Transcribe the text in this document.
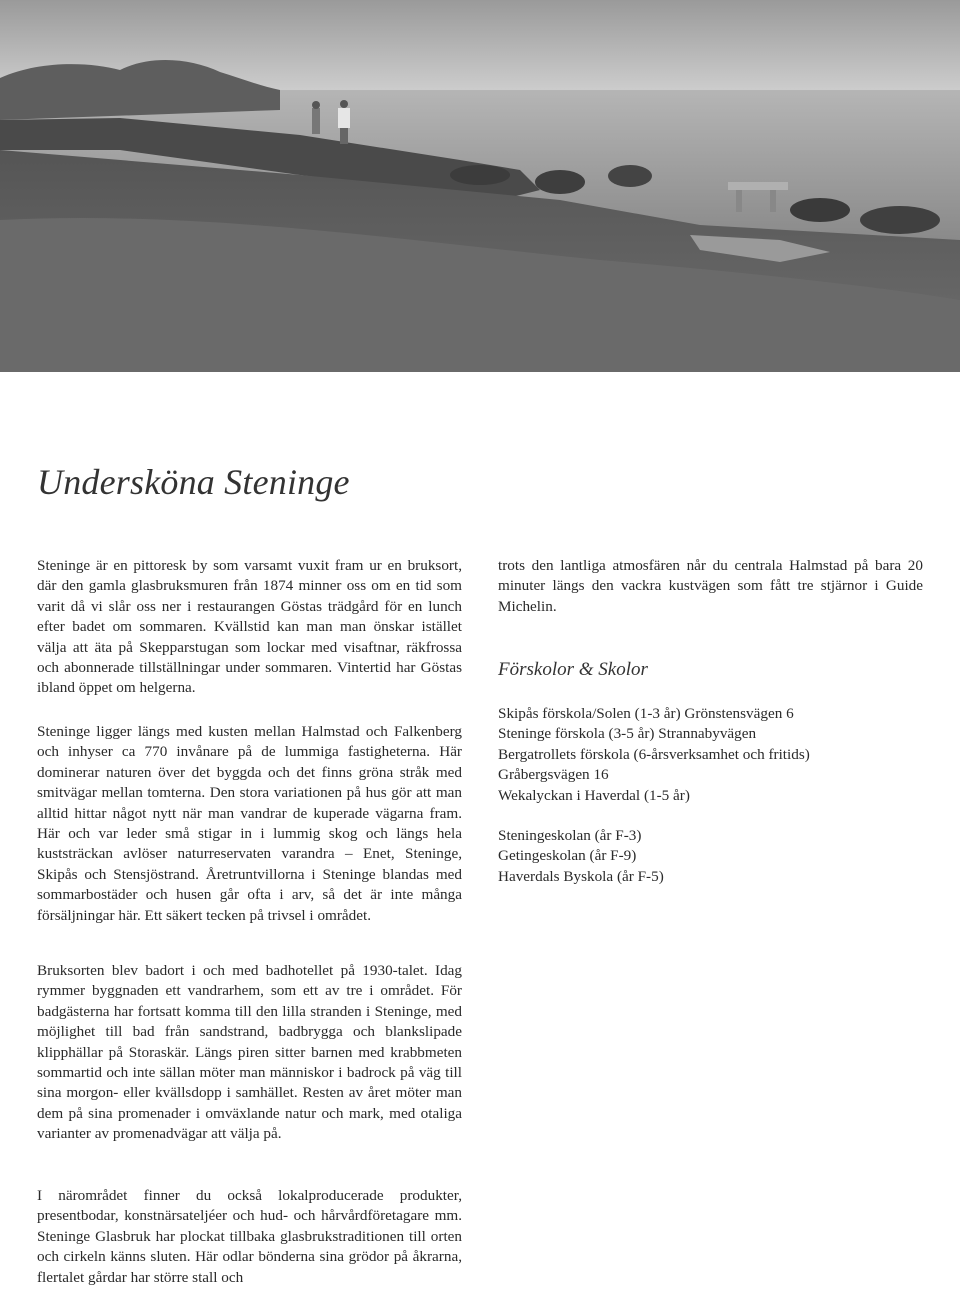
Undersköna Steninge

Steninge är en pittoresk by som varsamt vuxit fram ur en bruksort, där den gamla glasbruksmuren från 1874 minner oss om en tid som varit då vi slår oss ner i restaurangen Göstas trädgård för en lunch efter badet om sommaren. Kvällstid kan man man önskar istället välja att äta på Skepparstugan som lockar med visaftnar, räkfrossa och abonnerade tillställningar under sommaren. Vintertid har Göstas ibland öppet om helgerna.

Steninge ligger längs med kusten mellan Halmstad och Falkenberg och inhyser ca 770 invånare på de lummiga fastigheterna. Här dominerar naturen över det byggda och det finns gröna stråk med smitvägar mellan tomterna. Den stora variationen på hus gör att man alltid hittar något nytt när man vandrar de kuperade vägarna fram. Här och var leder små stigar in i lummig skog och längs hela kuststräckan avlöser naturreservaten varandra – Enet, Steninge, Skipås och Stensjöstrand. Åretruntvillorna i Steninge blandas med sommarbostäder och husen går ofta i arv, så det är inte många försäljningar här. Ett säkert tecken på trivsel i området.

Bruksorten blev badort i och med badhotellet på 1930-talet. Idag rymmer byggnaden ett vandrarhem, som ett av tre i området. För badgästerna har fortsatt komma till den lilla stranden i Steninge, med möjlighet till bad från sandstrand, badbrygga och blankslipade klipphällar på Storaskär. Längs piren sitter barnen med krabbmeten sommartid och inte sällan möter man människor i badrock på väg till sina morgon- eller kvällsdopp i samhället. Resten av året möter man dem på sina promenader i omväxlande natur och mark, med otaliga varianter av promenadvägar att välja på.

I närområdet finner du också lokalproducerade produkter, presentbodar, konstnärsateljéer och hud- och hårvårdföretagare mm. Steninge Glasbruk har plockat tillbaka glasbrukstraditionen till orten och cirkeln känns sluten. Här odlar bönderna sina grödor på åkrarna, flertalet gårdar har större stall och

trots den lantliga atmosfären når du centrala Halmstad på bara 20 minuter längs den vackra kustvägen som fått tre stjärnor i Guide Michelin.

Förskolor & Skolor
Skipås förskola/Solen (1-3 år) Grönstensvägen 6
Steninge förskola (3-5 år) Strannabyvägen
Bergatrollets förskola (6-årsverksamhet och fritids)
Gråbergsvägen 16
Wekalyckan i Haverdal (1-5 år)
Steningeskolan (år F-3)
Getingeskolan (år F-9)
Haverdals Byskola (år F-5)
